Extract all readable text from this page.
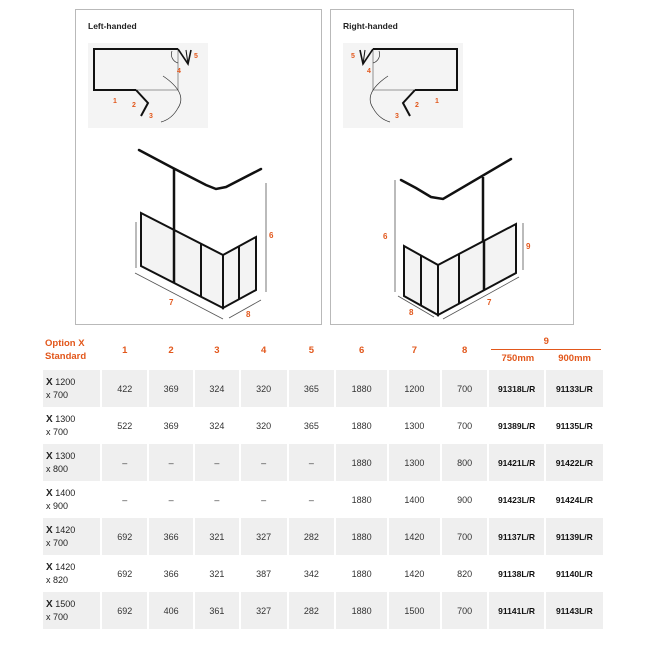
Left-handed
1
2
3
4
5
6
7
8
Right-handed
1
2
3
4
5
6
9
8
7
Option X
Standard	1	2	3	4	5	6	7	8	9
750mm 900mm	

X 1200
x 700	422	369	324	320	365	1880	1200	700	91318L/R	91133L/R
X 1300
x 700	522	369	324	320	365	1880	1300	700	91389L/R	91135L/R
X 1300
x 800	–	–	–	–	–	1880	1300	800	91421L/R	91422L/R
X 1400
x 900	–	–	–	–	–	1880	1400	900	91423L/R	91424L/R
X 1420
x 700	692	366	321	327	282	1880	1420	700	91137L/R	91139L/R
X 1420
x 820	692	366	321	387	342	1880	1420	820	91138L/R	91140L/R
X 1500
x 700	692	406	361	327	282	1880	1500	700	91141L/R	91143L/R
